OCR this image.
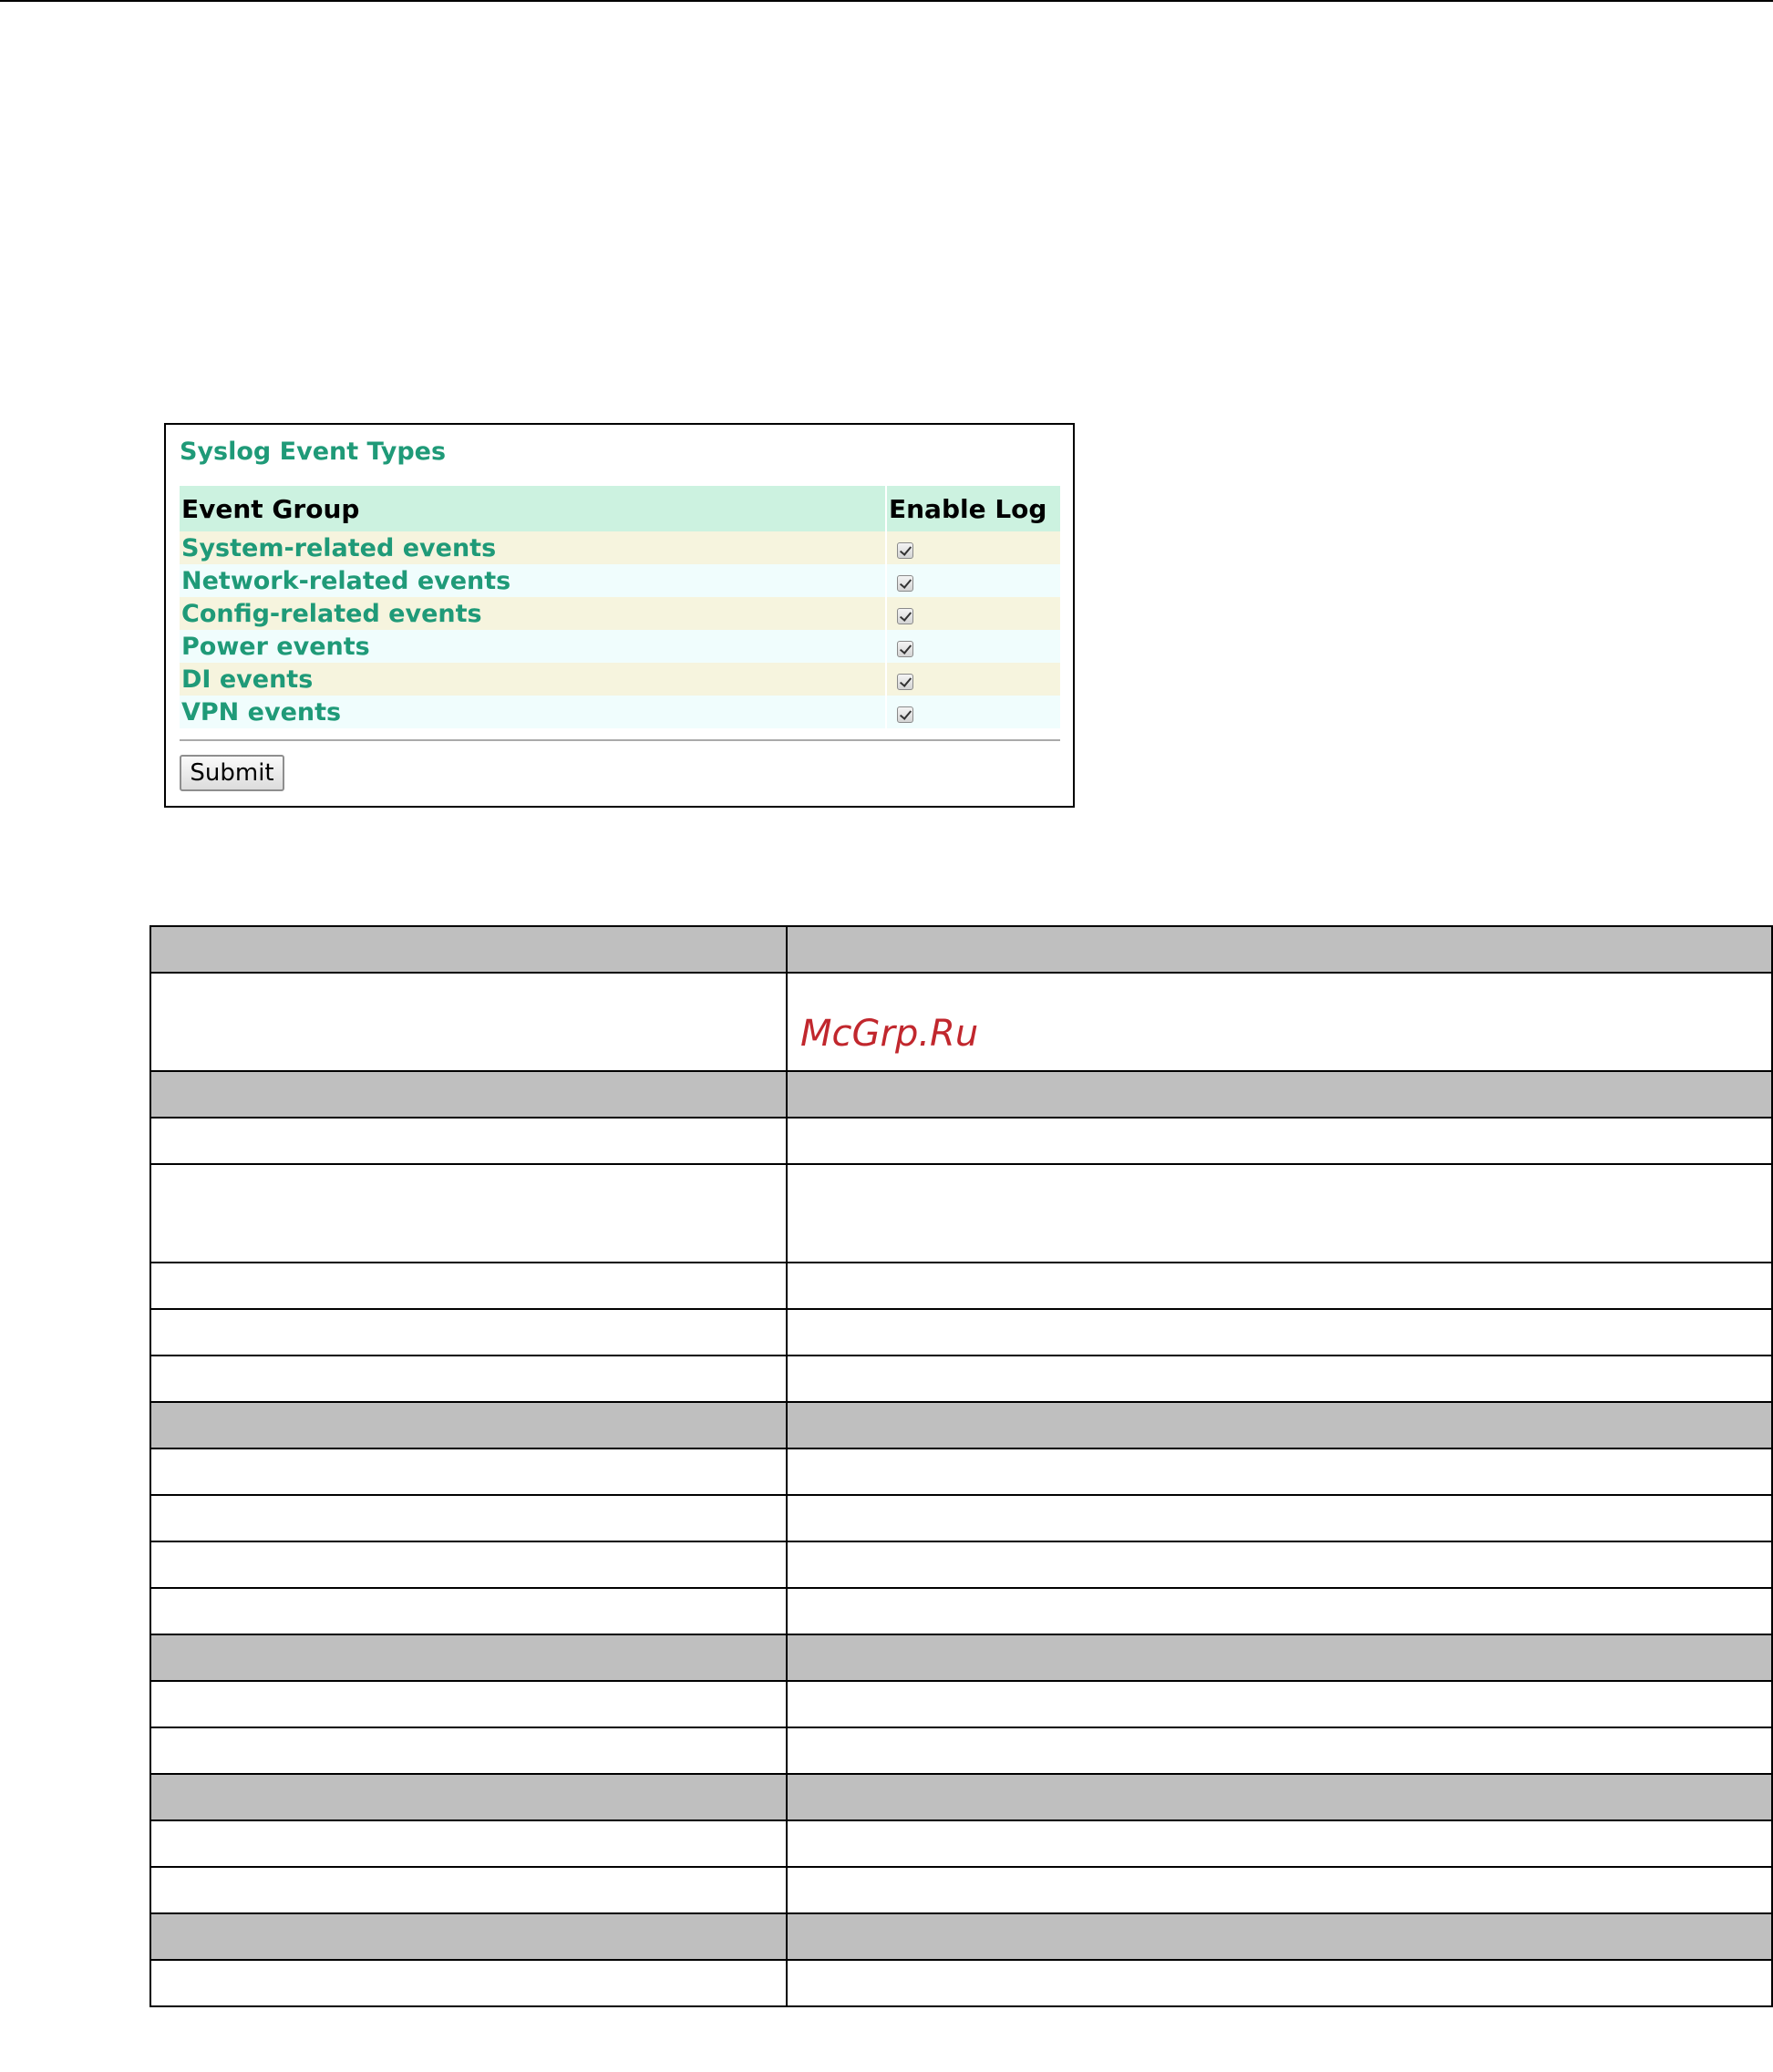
Syslog Event Types
Event Group	Enable Log
System-related events	
Network-related events	
Config-related events	
Power events	
DI events	
VPN events	
Submit

McGrp.Ru
